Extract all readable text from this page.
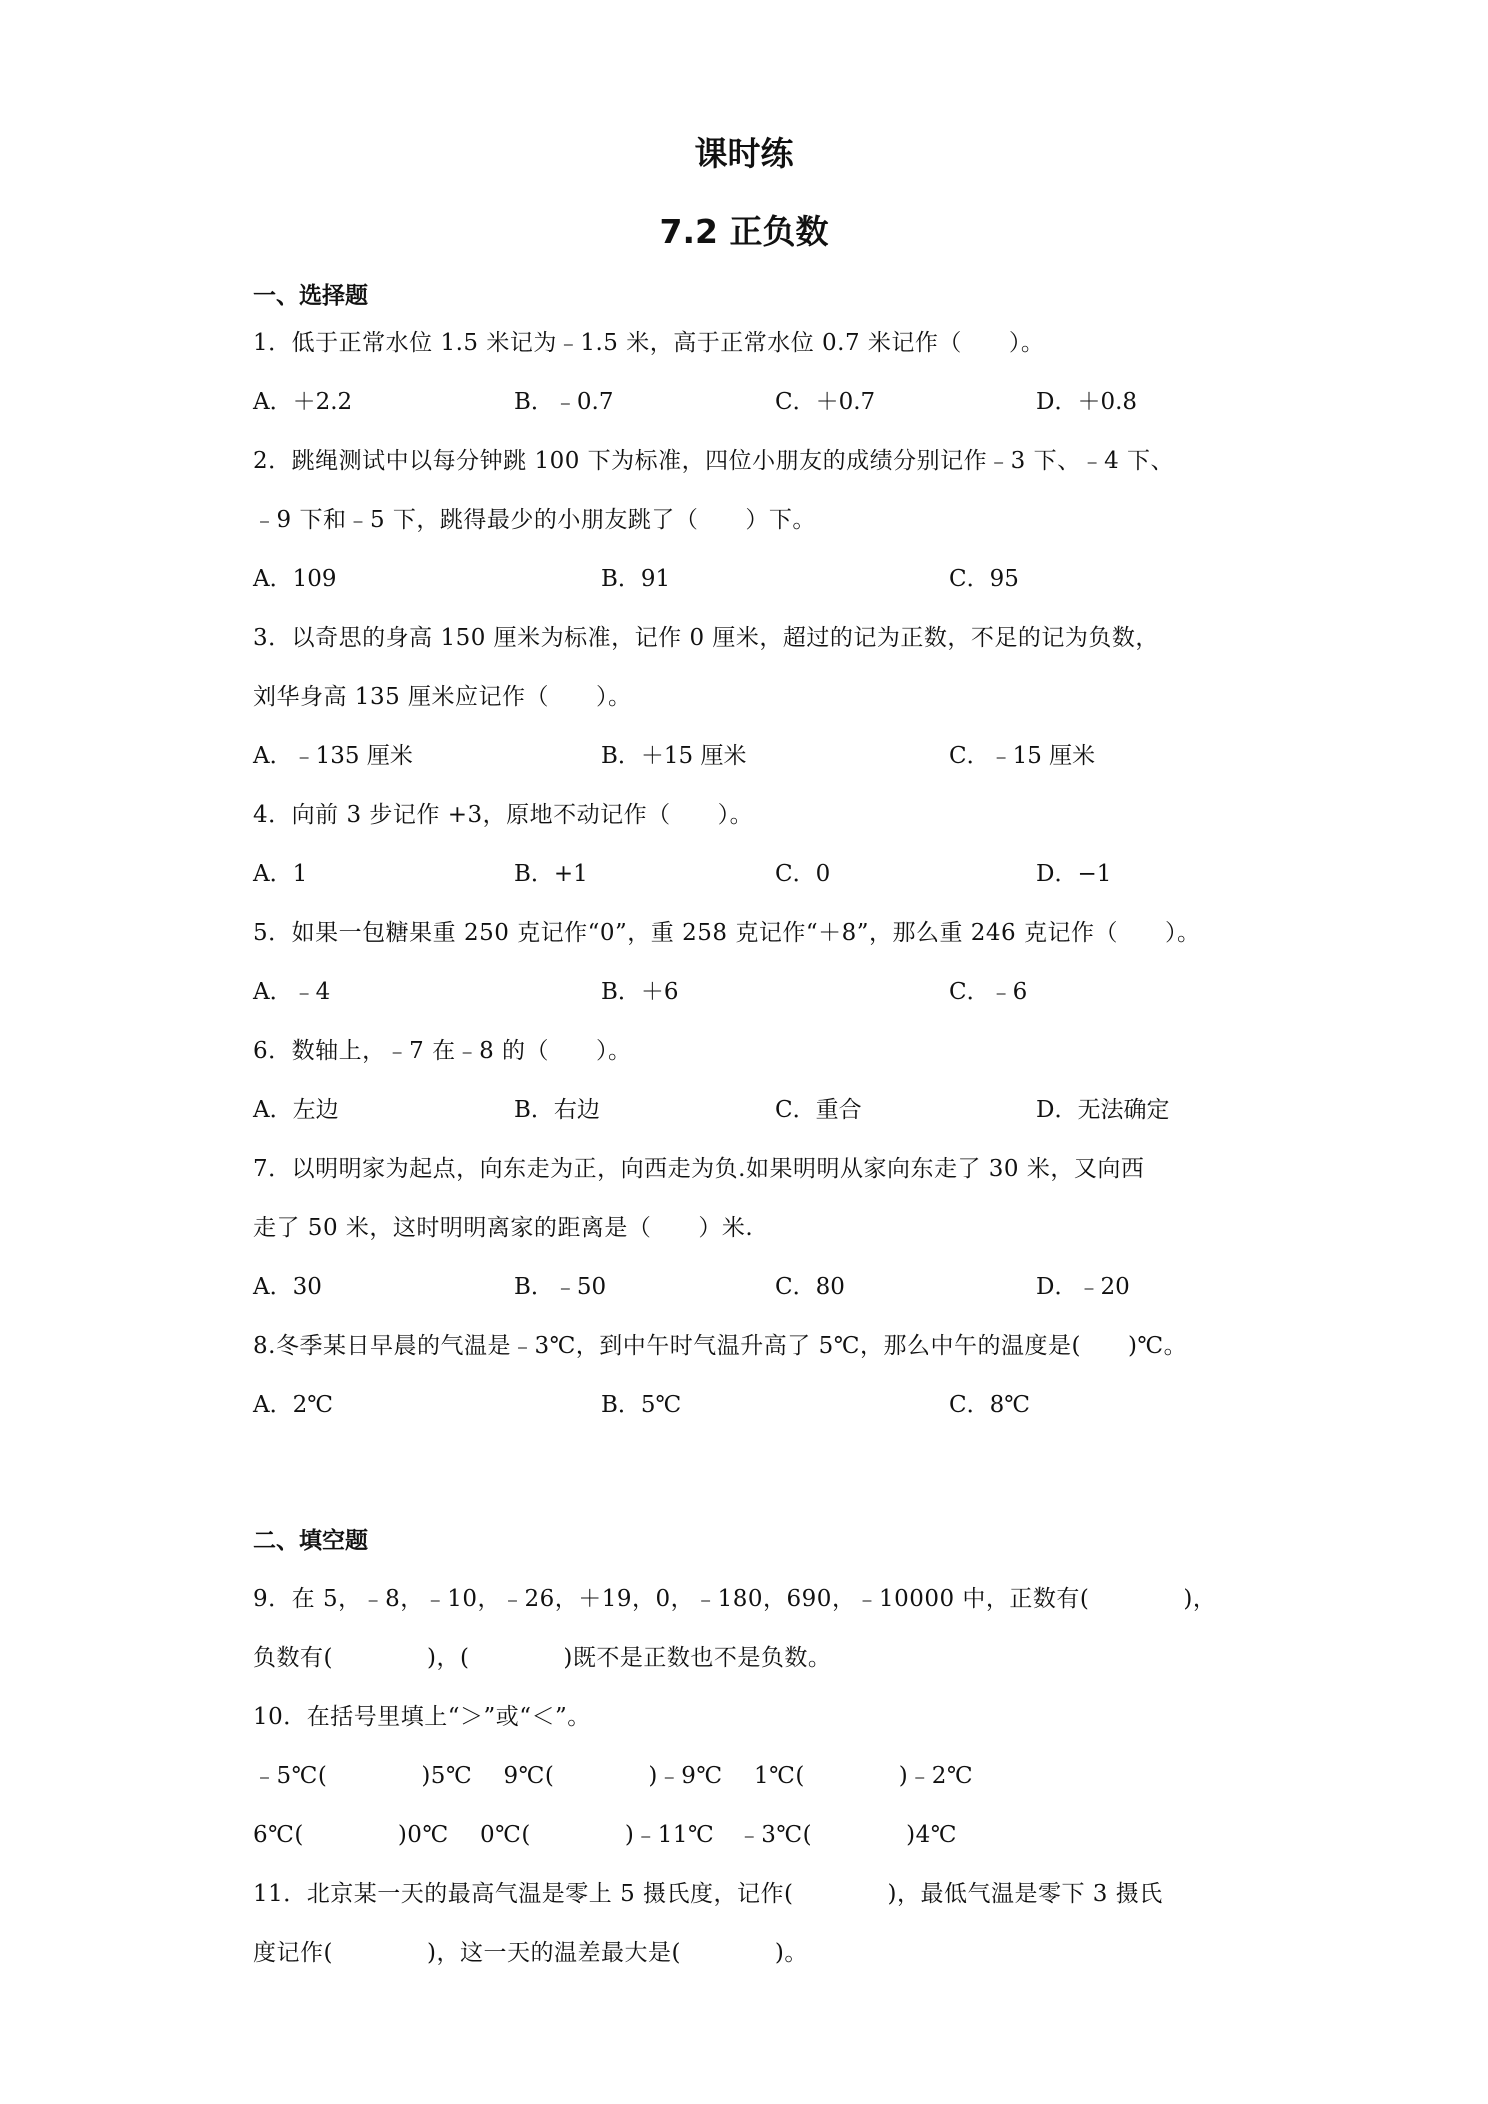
课时练
7.2 正负数
一、选择题
1．低于正常水位 1.5 米记为﹣1.5 米，高于正常水位 0.7 米记作（　　）。
A．＋2.2	B．﹣0.7	C．＋0.7	D．＋0.8
2．跳绳测试中以每分钟跳 100 下为标准，四位小朋友的成绩分别记作﹣3 下、﹣4 下、
﹣9 下和﹣5 下，跳得最少的小朋友跳了（　　）下。
A．109	B．91	C．95
3．以奇思的身高 150 厘米为标准，记作 0 厘米，超过的记为正数，不足的记为负数，
刘华身高 135 厘米应记作（　　）。
A．﹣135 厘米	B．＋15 厘米	C．﹣15 厘米
4．向前 3 步记作 +3，原地不动记作（　　）。
A．1	B．+1	C．0	D．−1
5．如果一包糖果重 250 克记作“0”，重 258 克记作“＋8”，那么重 246 克记作（　　）。
A．﹣4	B．＋6	C．﹣6
6．数轴上，﹣7 在﹣8 的（　　）。
A．左边	B．右边	C．重合	D．无法确定
7．以明明家为起点，向东走为正，向西走为负.如果明明从家向东走了 30 米，又向西
走了 50 米，这时明明离家的距离是（　　）米.
A．30	B．﹣50	C．80	D．﹣20
8.冬季某日早晨的气温是﹣3℃，到中午时气温升高了 5℃，那么中午的温度是(　　)℃。
A．2℃	B．5℃	C．8℃
二、填空题
9．在 5，﹣8，﹣10，﹣26，＋19，0，﹣180，690，﹣10000 中，正数有(　　　　)，
负数有(　　　　)，(　　　　)既不是正数也不是负数。
10．在括号里填上“＞”或“＜”。
﹣5℃(　　　　)5℃　 9℃(　　　　)﹣9℃　 1℃(　　　　)﹣2℃
6℃(　　　　)0℃　 0℃(　　　　)﹣11℃　﹣3℃(　　　　)4℃
11．北京某一天的最高气温是零上 5 摄氏度，记作(　　　　)，最低气温是零下 3 摄氏
度记作(　　　　)，这一天的温差最大是(　　　　)。
